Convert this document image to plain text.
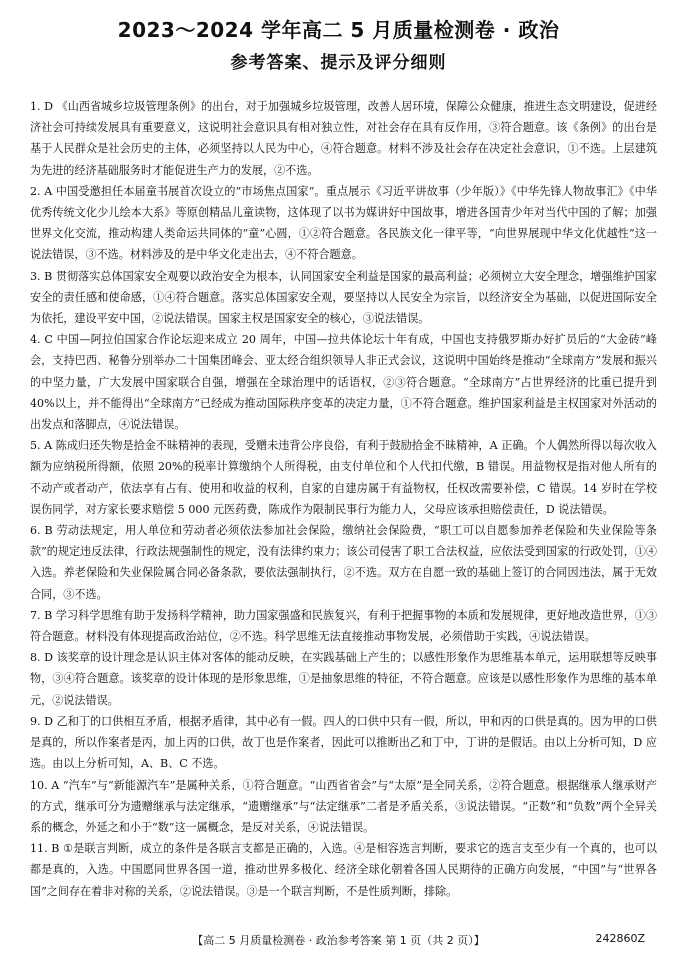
2023～2024 学年高二 5 月质量检测卷 · 政治
参考答案、提示及评分细则

1. D 《山西省城乡垃圾管理条例》的出台，对于加强城乡垃圾管理，改善人居环境，保障公众健康，推进生态文明建设，促进经济社会可持续发展具有重要意义，这说明社会意识具有相对独立性，对社会存在具有反作用，③符合题意。该《条例》的出台是基于人民群众是社会历史的主体，必须坚持以人民为中心，④符合题意。材料不涉及社会存在决定社会意识，①不选。上层建筑为先进的经济基础服务时才能促进生产力的发展，②不选。

2. A 中国受邀担任本届童书展首次设立的“市场焦点国家”。重点展示《习近平讲故事（少年版）》《中华先锋人物故事汇》《中华优秀传统文化少儿绘本大系》等原创精品儿童读物，这体现了以书为媒讲好中国故事，增进各国青少年对当代中国的了解；加强世界文化交流，推动构建人类命运共同体的“童”心圆，①②符合题意。各民族文化一律平等，“向世界展现中华文化优越性”这一说法错误，③不选。材料涉及的是中华文化走出去，④不符合题意。

3. B 贯彻落实总体国家安全观要以政治安全为根本，认同国家安全利益是国家的最高利益；必须树立大安全理念，增强维护国家安全的责任感和使命感，①④符合题意。落实总体国家安全观，要坚持以人民安全为宗旨，以经济安全为基础，以促进国际安全为依托，建设平安中国，②说法错误。国家主权是国家安全的核心，③说法错误。

4. C 中国—阿拉伯国家合作论坛迎来成立 20 周年，中国—拉共体论坛十年有成，中国也支持俄罗斯办好扩员后的“大金砖”峰会，支持巴西、秘鲁分别举办二十国集团峰会、亚太经合组织领导人非正式会议，这说明中国始终是推动“全球南方”发展和振兴的中坚力量，广大发展中国家联合自强，增强在全球治理中的话语权，②③符合题意。“全球南方”占世界经济的比重已提升到 40%以上，并不能得出“全球南方”已经成为推动国际秩序变革的决定力量，①不符合题意。维护国家利益是主权国家对外活动的出发点和落脚点，④说法错误。

5. A 陈成归还失物是拾金不昧精神的表现，受赠未违背公序良俗，有利于鼓励拾金不昧精神，A 正确。个人偶然所得以每次收入额为应纳税所得额，依照 20%的税率计算缴纳个人所得税，由支付单位和个人代扣代缴，B 错误。用益物权是指对他人所有的不动产或者动产，依法享有占有、使用和收益的权利，自家的自建房属于有益物权，任权改需要补偿，C 错误。14 岁时在学校误伤同学，对方家长要求赔偿 5 000 元医药费，陈成作为限制民事行为能力人，父母应该承担赔偿责任，D 说法错误。

6. B 劳动法规定，用人单位和劳动者必须依法参加社会保险，缴纳社会保险费，“职工可以自愿参加养老保险和失业保险等条款”的规定违反法律，行政法规强制性的规定，没有法律约束力；该公司侵害了职工合法权益，应依法受到国家的行政处罚，①④入选。养老保险和失业保险属合同必备条款，要依法强制执行，②不选。双方在自愿一致的基础上签订的合同因违法，属于无效合同，③不选。

7. B 学习科学思维有助于发扬科学精神，助力国家强盛和民族复兴，有利于把握事物的本质和发展规律，更好地改造世界，①③符合题意。材料没有体现提高政治站位，②不选。科学思维无法直接推动事物发展，必须借助于实践，④说法错误。

8. D 该奖章的设计理念是认识主体对客体的能动反映，在实践基础上产生的；以感性形象作为思维基本单元，运用联想等反映事物，③④符合题意。该奖章的设计体现的是形象思维，①是抽象思维的特征，不符合题意。应该是以感性形象作为思维的基本单元，②说法错误。

9. D 乙和丁的口供相互矛盾，根据矛盾律，其中必有一假。四人的口供中只有一假，所以，甲和丙的口供是真的。因为甲的口供是真的，所以作案者是丙，加上丙的口供，故丁也是作案者，因此可以推断出乙和丁中，丁讲的是假话。由以上分析可知，D 应选。由以上分析可知，A、B、C 不选。

10. A “汽车”与“新能源汽车”是属种关系，①符合题意。“山西省省会”与“太原”是全同关系，②符合题意。根据继承人继承财产的方式，继承可分为遗赠继承与法定继承，“遗赠继承”与“法定继承”二者是矛盾关系，③说法错误。“正数”和“负数”两个全异关系的概念，外延之和小于“数”这一属概念，是反对关系，④说法错误。

11. B ①是联言判断，成立的条件是各联言支都是正确的，入选。④是相容选言判断，要求它的选言支至少有一个真的，也可以都是真的，入选。中国愿同世界各国一道，推动世界多极化、经济全球化朝着各国人民期待的正确方向发展，“中国”与“世界各国”之间存在着非对称的关系，②说法错误。③是一个联言判断，不是性质判断，排除。

【高二 5 月质量检测卷 · 政治参考答案 第 1 页（共 2 页）】	242860Z
